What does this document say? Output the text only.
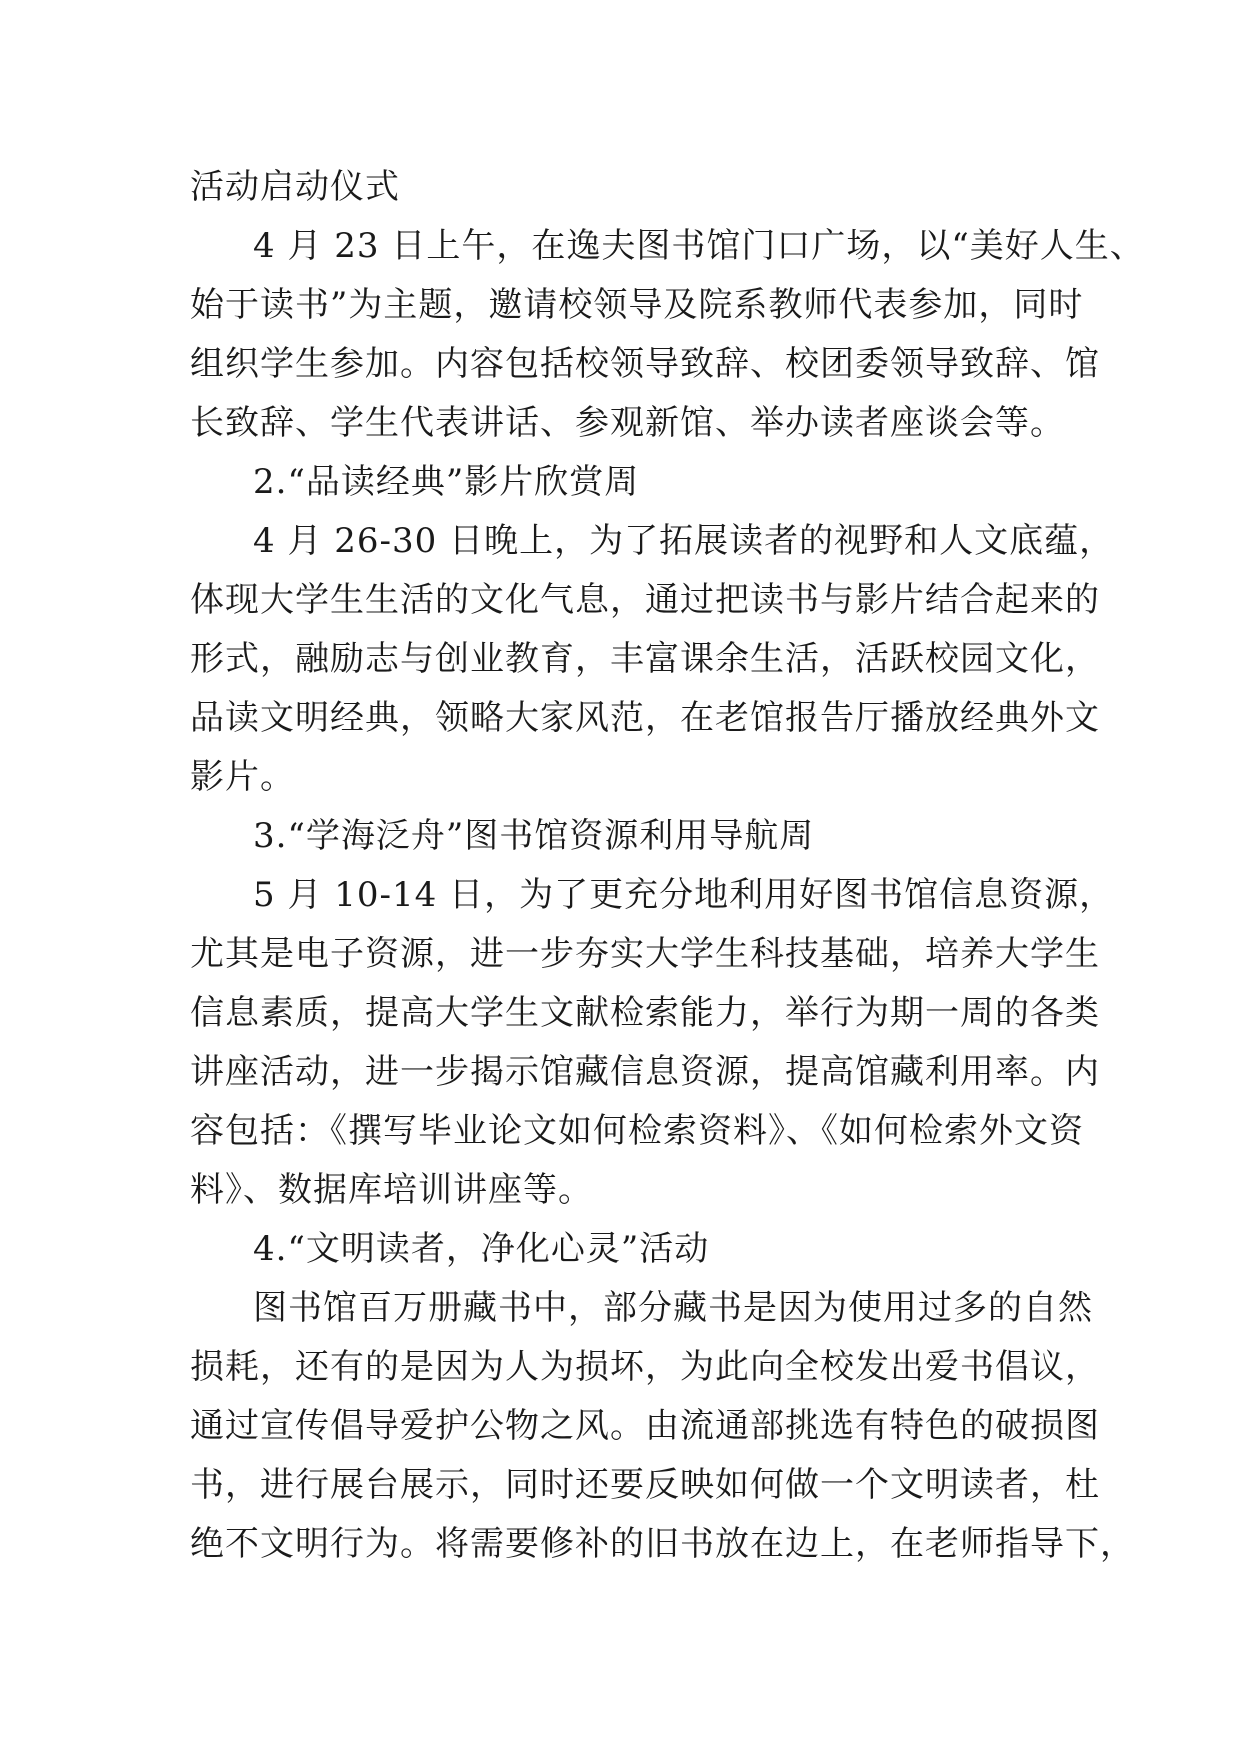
活动启动仪式
4 月 23 日上午，在逸夫图书馆门口广场，以“美好人生、
始于读书”为主题，邀请校领导及院系教师代表参加，同时
组织学生参加。内容包括校领导致辞、校团委领导致辞、馆
长致辞、学生代表讲话、参观新馆、举办读者座谈会等。
2.“品读经典”影片欣赏周
4 月 26-30 日晚上，为了拓展读者的视野和人文底蕴，
体现大学生生活的文化气息，通过把读书与影片结合起来的
形式，融励志与创业教育，丰富课余生活，活跃校园文化，
品读文明经典，领略大家风范，在老馆报告厅播放经典外文
影片。
3.“学海泛舟”图书馆资源利用导航周
5 月 10-14 日，为了更充分地利用好图书馆信息资源，
尤其是电子资源，进一步夯实大学生科技基础，培养大学生
信息素质，提高大学生文献检索能力，举行为期一周的各类
讲座活动，进一步揭示馆藏信息资源，提高馆藏利用率。内
容包括：《撰写毕业论文如何检索资料》、《如何检索外文资
料》、数据库培训讲座等。
4.“文明读者，净化心灵”活动
图书馆百万册藏书中，部分藏书是因为使用过多的自然
损耗，还有的是因为人为损坏，为此向全校发出爱书倡议，
通过宣传倡导爱护公物之风。由流通部挑选有特色的破损图
书，进行展台展示，同时还要反映如何做一个文明读者，杜
绝不文明行为。将需要修补的旧书放在边上，在老师指导下，
